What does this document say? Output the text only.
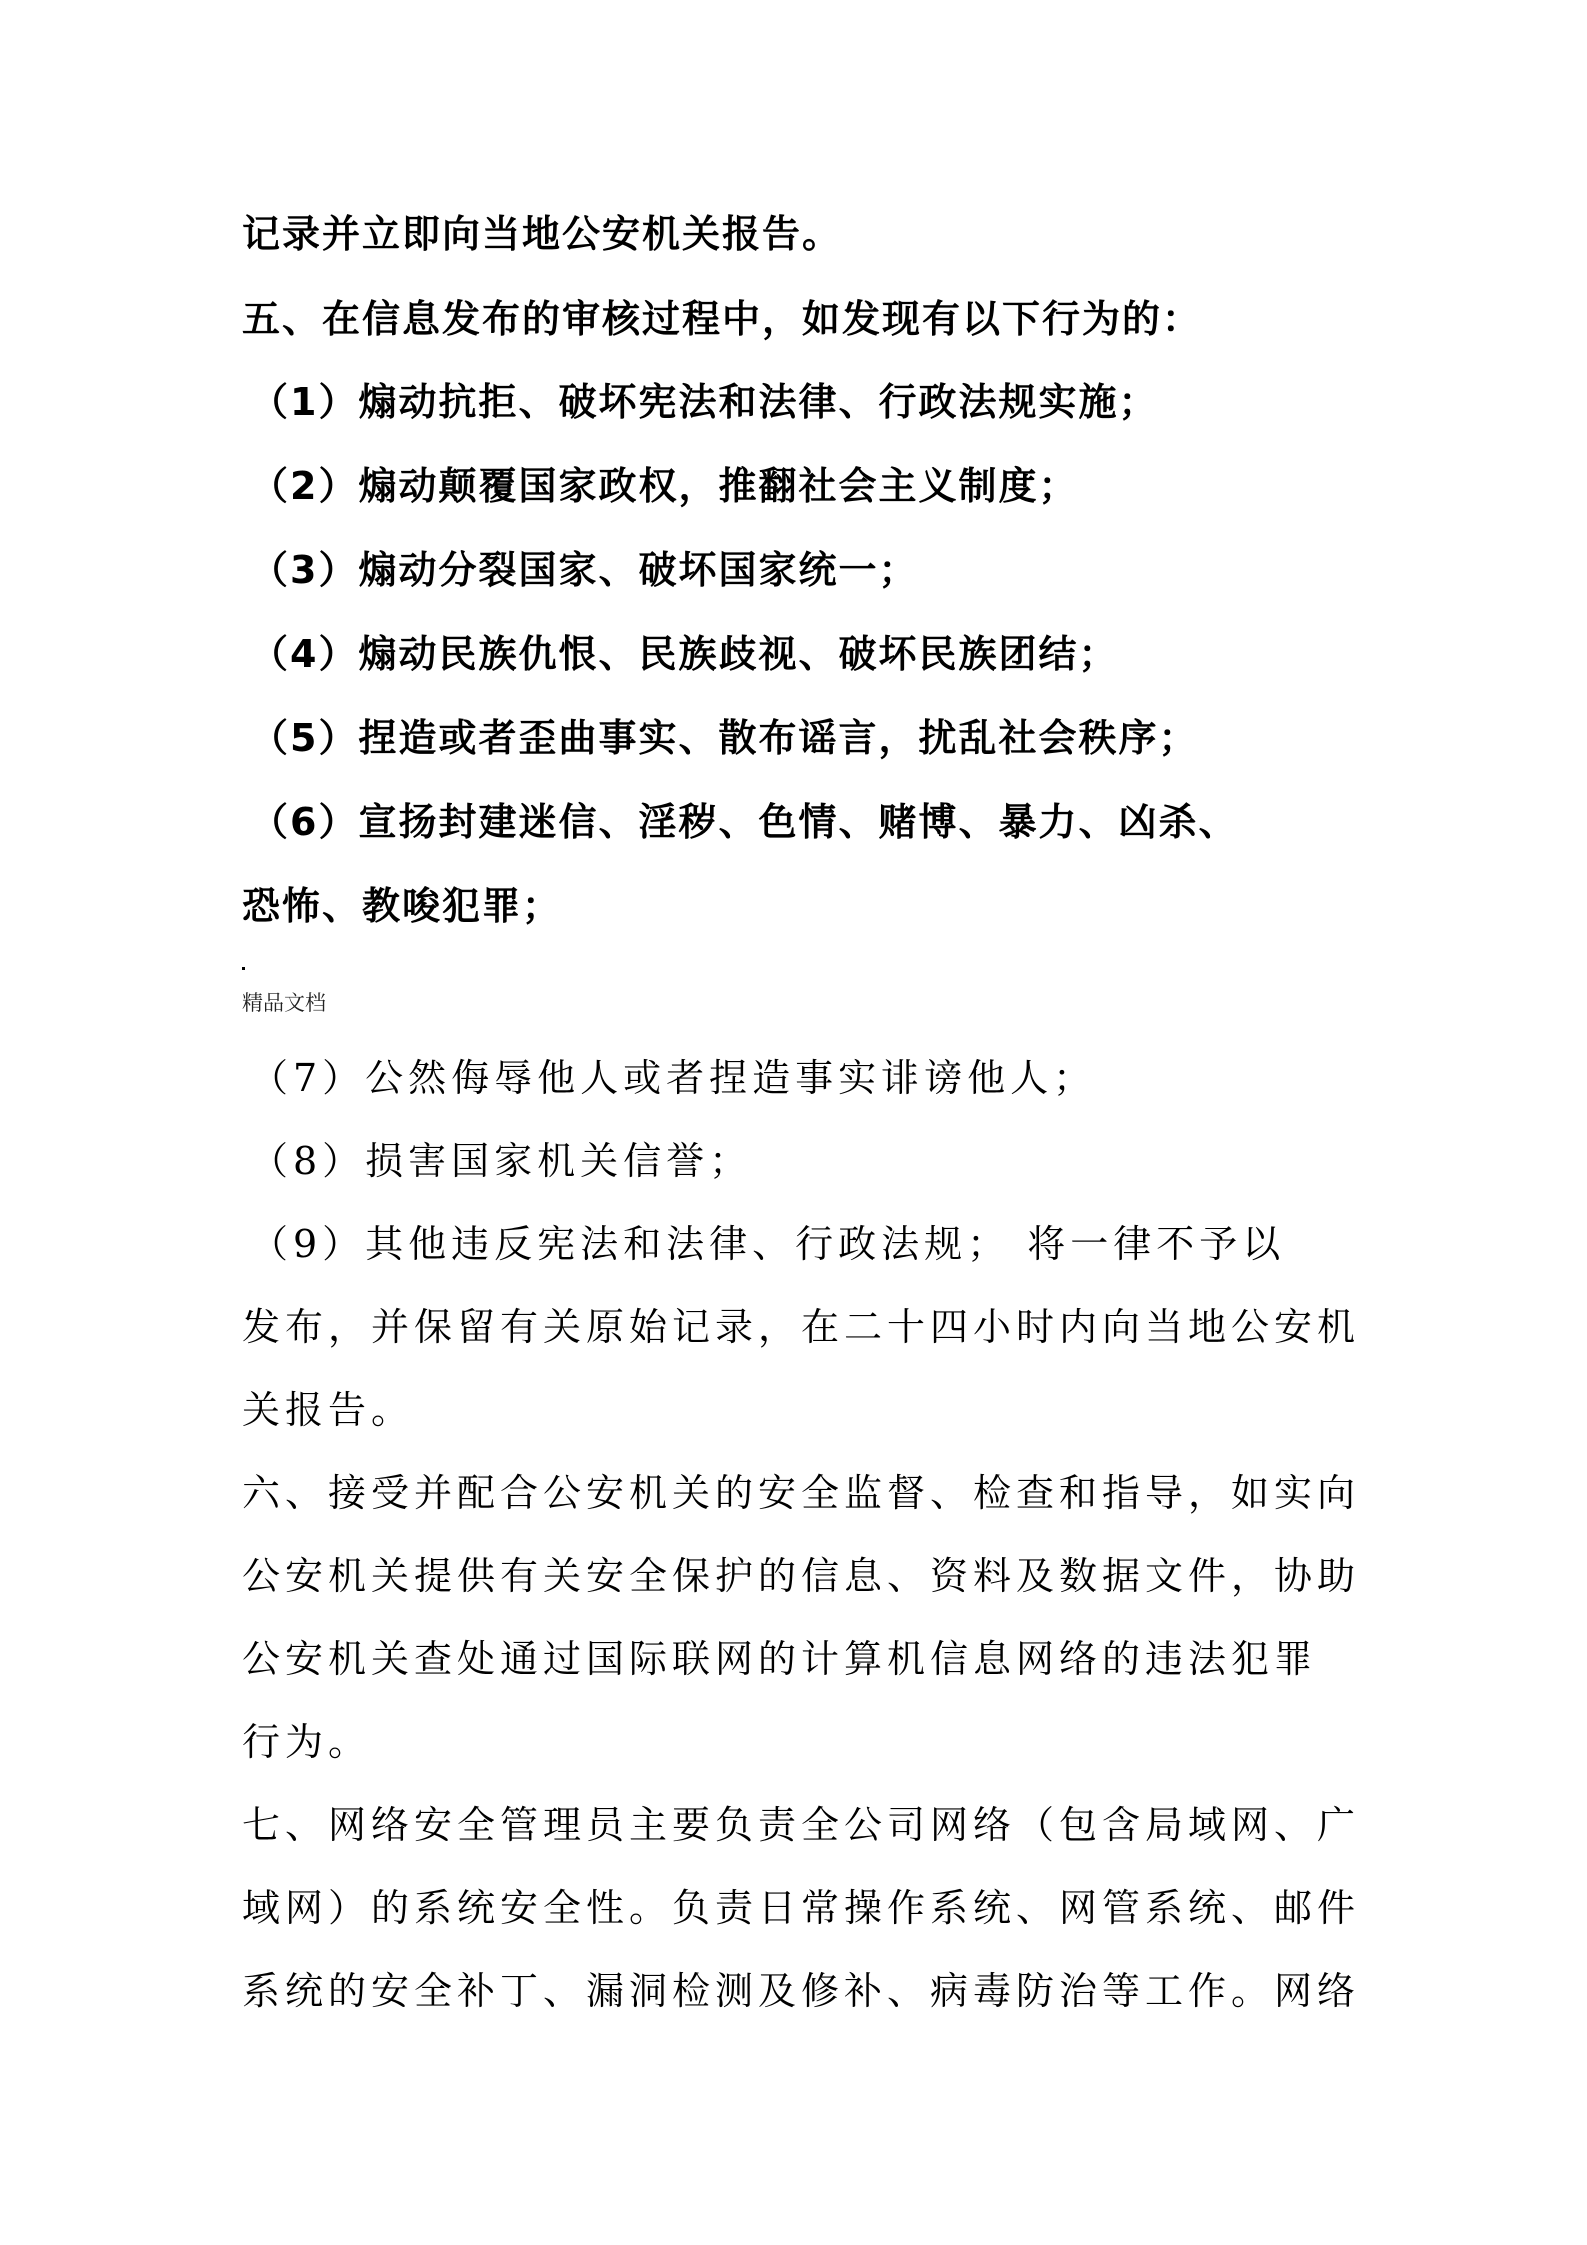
记录并立即向当地公安机关报告。
五、在信息发布的审核过程中，如发现有以下行为的：
（1）煽动抗拒、破坏宪法和法律、行政法规实施；
（2）煽动颠覆国家政权，推翻社会主义制度；
（3）煽动分裂国家、破坏国家统一；
（4）煽动民族仇恨、民族歧视、破坏民族团结；
（5）捏造或者歪曲事实、散布谣言，扰乱社会秩序；
（6）宣扬封建迷信、淫秽、色情、赌博、暴力、凶杀、
恐怖、教唆犯罪；
精品文档
（7）公然侮辱他人或者捏造事实诽谤他人；
（8）损害国家机关信誉；
（9）其他违反宪法和法律、行政法规； 将一律不予以
发布，并保留有关原始记录，在二十四小时内向当地公安机
关报告。
六、接受并配合公安机关的安全监督、检查和指导，如实向
公安机关提供有关安全保护的信息、资料及数据文件，协助
公安机关查处通过国际联网的计算机信息网络的违法犯罪
行为。
七、网络安全管理员主要负责全公司网络（包含局域网、广
域网）的系统安全性。负责日常操作系统、网管系统、邮件
系统的安全补丁、漏洞检测及修补、病毒防治等工作。网络
